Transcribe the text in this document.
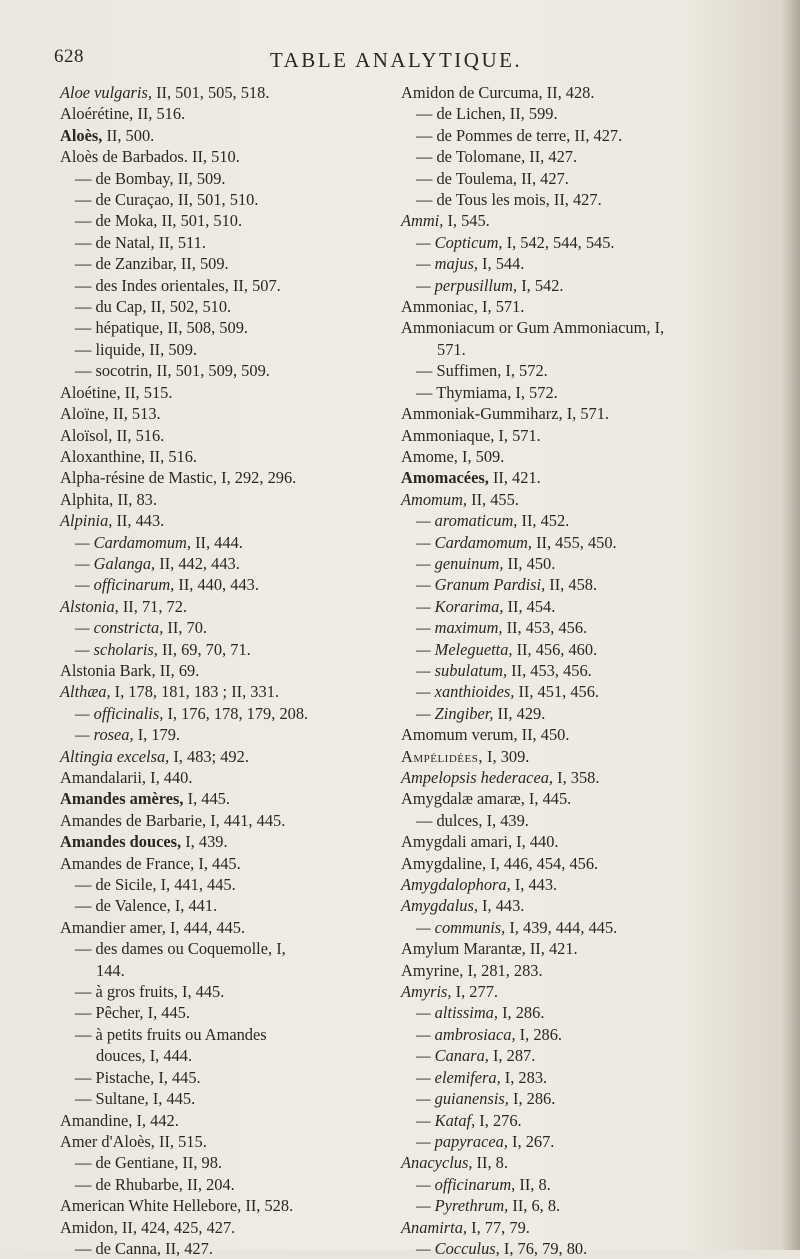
628	TABLE ANALYTIQUE.
Aloe vulgaris, II, 501, 505, 518.
Aloérétine, II, 516.
Aloès, II, 500.
Aloès de Barbados. II, 510.
— de Bombay, II, 509.
— de Curaçao, II, 501, 510.
— de Moka, II, 501, 510.
— de Natal, II, 511.
— de Zanzibar, II, 509.
— des Indes orientales, II, 507.
— du Cap, II, 502, 510.
— hépatique, II, 508, 509.
— liquide, II, 509.
— socotrin, II, 501, 509, 509.
Aloétine, II, 515.
Aloïne, II, 513.
Aloïsol, II, 516.
Aloxanthine, II, 516.
Alpha-résine de Mastic, I, 292, 296.
Alphita, II, 83.
Alpinia, II, 443.
— Cardamomum, II, 444.
— Galanga, II, 442, 443.
— officinarum, II, 440, 443.
Alstonia, II, 71, 72.
— constricta, II, 70.
— scholaris, II, 69, 70, 71.
Alstonia Bark, II, 69.
Althæa, I, 178, 181, 183 ; II, 331.
— officinalis, I, 176, 178, 179, 208.
— rosea, I, 179.
Altingia excelsa, I, 483; 492.
Amandalarii, I, 440.
Amandes amères, I, 445.
Amandes de Barbarie, I, 441, 445.
Amandes douces, I, 439.
Amandes de France, I, 445.
— de Sicile, I, 441, 445.
— de Valence, I, 441.
Amandier amer, I, 444, 445.
— des dames ou Coquemolle, I,
144.
— à gros fruits, I, 445.
— Pêcher, I, 445.
— à petits fruits ou Amandes
douces, I, 444.
— Pistache, I, 445.
— Sultane, I, 445.
Amandine, I, 442.
Amer d'Aloès, II, 515.
— de Gentiane, II, 98.
— de Rhubarbe, II, 204.
American White Hellebore, II, 528.
Amidon, II, 424, 425, 427.
— de Canna, II, 427.
Amidon de Curcuma, II, 428.
— de Lichen, II, 599.
— de Pommes de terre, II, 427.
— de Tolomane, II, 427.
— de Toulema, II, 427.
— de Tous les mois, II, 427.
Ammi, I, 545.
— Copticum, I, 542, 544, 545.
— majus, I, 544.
— perpusillum, I, 542.
Ammoniac, I, 571.
Ammoniacum or Gum Ammoniacum, I,
571.
— Suffimen, I, 572.
— Thymiama, I, 572.
Ammoniak-Gummiharz, I, 571.
Ammoniaque, I, 571.
Amome, I, 509.
Amomacées, II, 421.
Amomum, II, 455.
— aromaticum, II, 452.
— Cardamomum, II, 455, 450.
— genuinum, II, 450.
— Granum Pardisi, II, 458.
— Korarima, II, 454.
— maximum, II, 453, 456.
— Meleguetta, II, 456, 460.
— subulatum, II, 453, 456.
— xanthioides, II, 451, 456.
— Zingiber, II, 429.
Amomum verum, II, 450.
Ampélidées, I, 309.
Ampelopsis hederacea, I, 358.
Amygdalæ amaræ, I, 445.
— dulces, I, 439.
Amygdali amari, I, 440.
Amygdaline, I, 446, 454, 456.
Amygdalophora, I, 443.
Amygdalus, I, 443.
— communis, I, 439, 444, 445.
Amylum Marantæ, II, 421.
Amyrine, I, 281, 283.
Amyris, I, 277.
— altissima, I, 286.
— ambrosiaca, I, 286.
— Canara, I, 287.
— elemifera, I, 283.
— guianensis, I, 286.
— Kataf, I, 276.
— papyracea, I, 267.
Anacyclus, II, 8.
— officinarum, II, 8.
— Pyrethrum, II, 6, 8.
Anamirta, I, 77, 79.
— Cocculus, I, 76, 79, 80.
